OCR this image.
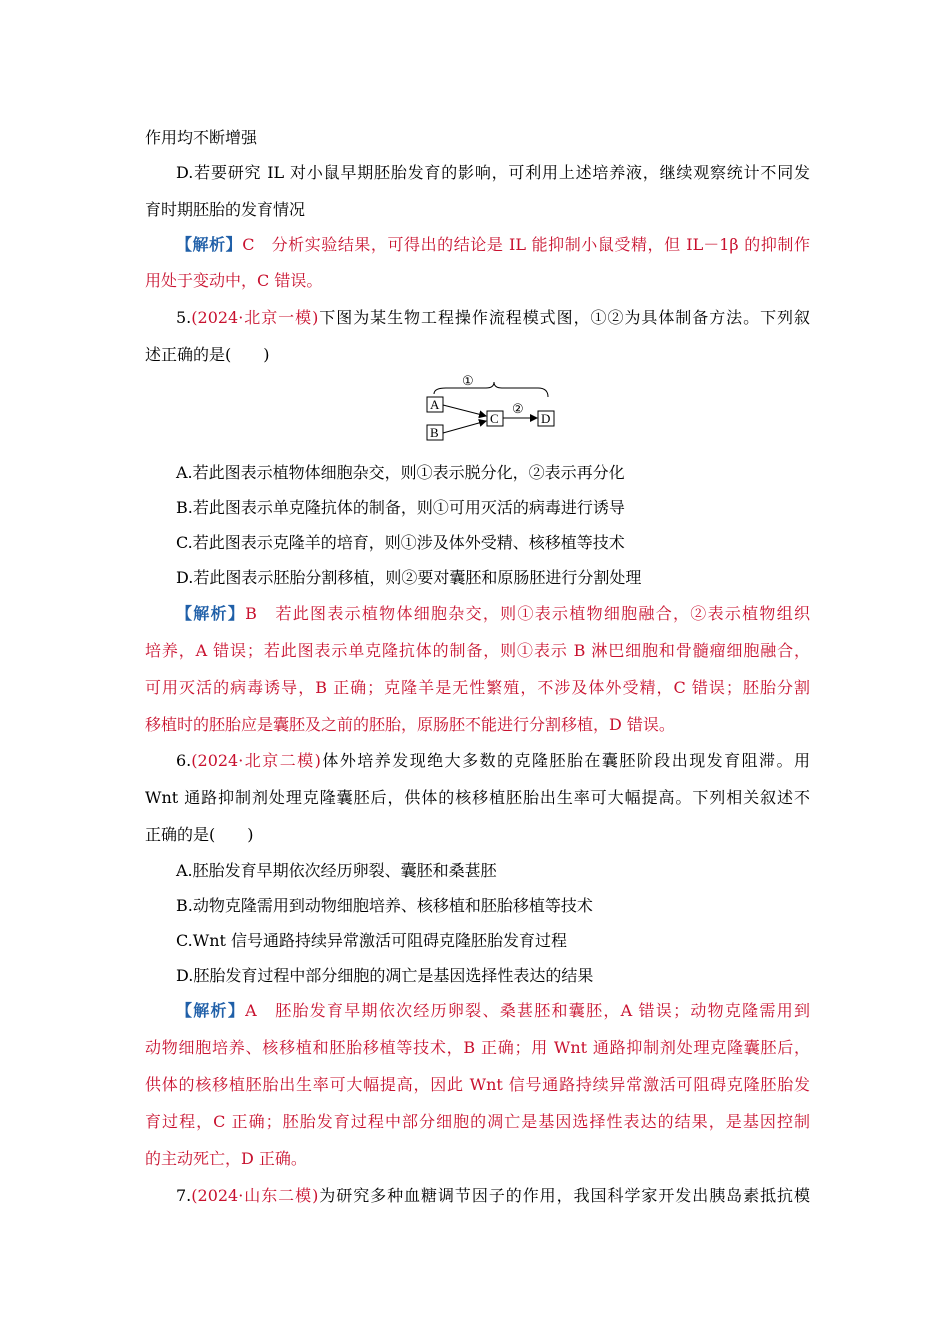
作用均不断增强
D.若要研究 IL 对小鼠早期胚胎发育的影响，可利用上述培养液，继续观察统计不同发
育时期胚胎的发育情况
【解析】C　分析实验结果，可得出的结论是 IL 能抑制小鼠受精，但 IL－1β 的抑制作
用处于变动中，C 错误。
5.(2024·北京一模)下图为某生物工程操作流程模式图，①②为具体制备方法。下列叙
述正确的是(　　)
①
A
B
C
②
D
A.若此图表示植物体细胞杂交，则①表示脱分化，②表示再分化
B.若此图表示单克隆抗体的制备，则①可用灭活的病毒进行诱导
C.若此图表示克隆羊的培育，则①涉及体外受精、核移植等技术
D.若此图表示胚胎分割移植，则②要对囊胚和原肠胚进行分割处理
【解析】B　若此图表示植物体细胞杂交，则①表示植物细胞融合，②表示植物组织
培养，A 错误；若此图表示单克隆抗体的制备，则①表示 B 淋巴细胞和骨髓瘤细胞融合，
可用灭活的病毒诱导，B 正确；克隆羊是无性繁殖，不涉及体外受精，C 错误；胚胎分割
移植时的胚胎应是囊胚及之前的胚胎，原肠胚不能进行分割移植，D 错误。
6.(2024·北京二模)体外培养发现绝大多数的克隆胚胎在囊胚阶段出现发育阻滞。用
Wnt 通路抑制剂处理克隆囊胚后，供体的核移植胚胎出生率可大幅提高。下列相关叙述不
正确的是(　　)
A.胚胎发育早期依次经历卵裂、囊胚和桑葚胚
B.动物克隆需用到动物细胞培养、核移植和胚胎移植等技术
C.Wnt 信号通路持续异常激活可阻碍克隆胚胎发育过程
D.胚胎发育过程中部分细胞的凋亡是基因选择性表达的结果
【解析】A　胚胎发育早期依次经历卵裂、桑葚胚和囊胚，A 错误；动物克隆需用到
动物细胞培养、核移植和胚胎移植等技术，B 正确；用 Wnt 通路抑制剂处理克隆囊胚后，
供体的核移植胚胎出生率可大幅提高，因此 Wnt 信号通路持续异常激活可阻碍克隆胚胎发
育过程，C 正确；胚胎发育过程中部分细胞的凋亡是基因选择性表达的结果，是基因控制
的主动死亡，D 正确。
7.(2024·山东二模)为研究多种血糖调节因子的作用，我国科学家开发出胰岛素抵抗模
